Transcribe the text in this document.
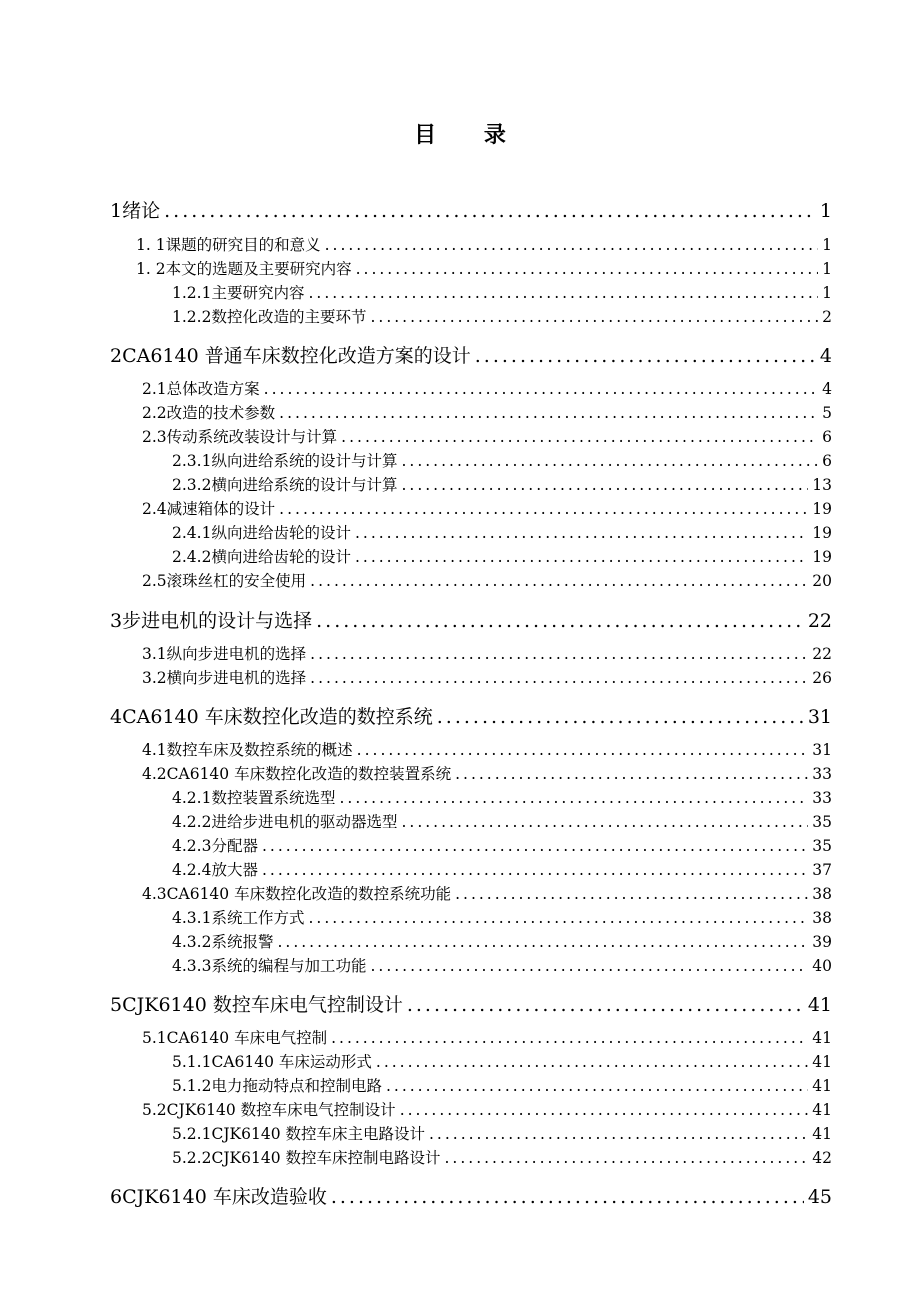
目 录
1 绪论 .....	1
1. 1 课题的研究目的和意义 .....	1
1. 2 本文的选题及主要研究内容 .....	1
1.2.1 主要研究内容 .....	1
1.2.2 数控化改造的主要环节 .....	2
2 CA6140 普通车床数控化改造方案的设计 .....	4
2.1 总体改造方案 .....	4
2.2 改造的技术参数 .....	5
2.3 传动系统改装设计与计算 .....	6
2.3.1 纵向进给系统的设计与计算 .....	6
2.3.2 横向进给系统的设计与计算 .....	13
2.4 减速箱体的设计 .....	19
2.4.1 纵向进给齿轮的设计 .....	19
2.4.2 横向进给齿轮的设计 .....	19
2.5 滚珠丝杠的安全使用 .....	20
3 步进电机的设计与选择 .....	22
3.1 纵向步进电机的选择 .....	22
3.2 横向步进电机的选择 .....	26
4 CA6140 车床数控化改造的数控系统 .....	31
4.1 数控车床及数控系统的概述 .....	31
4.2 CA6140 车床数控化改造的数控装置系统 .....	33
4.2.1 数控装置系统选型 .....	33
4.2.2 进给步进电机的驱动器选型 .....	35
4.2.3 分配器 .....	35
4.2.4 放大器 .....	37
4.3 CA6140 车床数控化改造的数控系统功能 .....	38
4.3.1 系统工作方式 .....	38
4.3.2 系统报警 .....	39
4.3.3 系统的编程与加工功能 .....	40
5 CJK6140 数控车床电气控制设计 .....	41
5.1 CA6140 车床电气控制 .....	41
5.1.1 CA6140 车床运动形式 .....	41
5.1.2 电力拖动特点和控制电路 .....	41
5.2 CJK6140 数控车床电气控制设计 .....	41
5.2.1 CJK6140 数控车床主电路设计 .....	41
5.2.2 CJK6140 数控车床控制电路设计 .....	42
6 CJK6140 车床改造验收 .....	45
